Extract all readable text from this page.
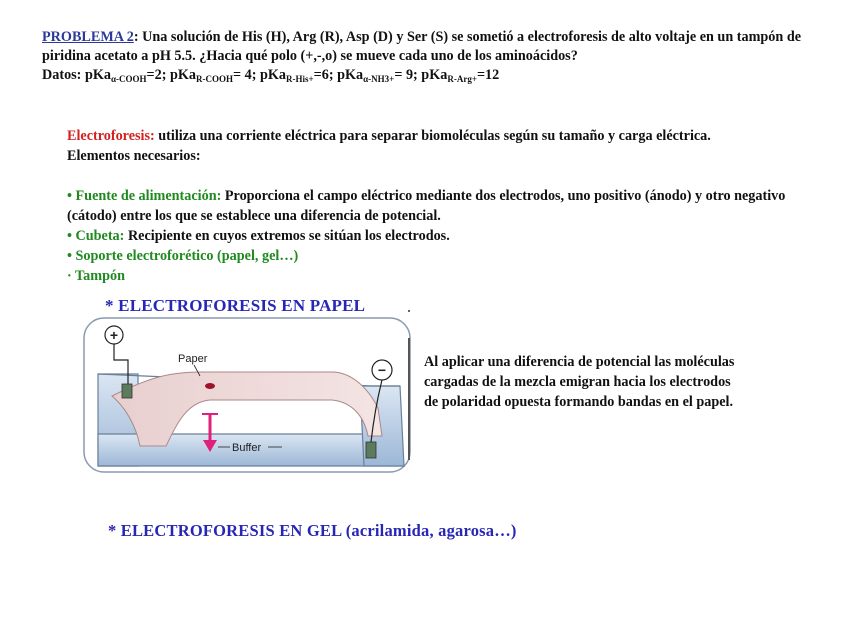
PROBLEMA 2: Una solución de His (H), Arg (R), Asp (D) y Ser (S) se sometió a electroforesis de alto voltaje en un tampón de piridina acetato a pH 5.5. ¿Hacia qué polo (+,-,o) se mueve cada uno de los aminoácidos?
Datos: pKa$_{\alpha-COOH}$=2; pKa$_{R-COOH}$= 4; pKa$_{R-His+}$=6; pKa$_{\alpha-NH3+}$= 9; pKa$_{R-Arg+}$=12
Electroforesis: utiliza una corriente eléctrica para separar biomoléculas según su tamaño y carga eléctrica.Elementos necesarios:
• Fuente de alimentación: Proporciona el campo eléctrico mediante dos electrodos, uno positivo (ánodo) y otro negativo (cátodo) entre los que se establece una diferencia de potencial.
• Cubeta: Recipiente en cuyos extremos se sitúan los electrodos.
• Soporte electroforético (papel, gel…)
· Tampón
* ELECTROFORESIS EN PAPEL
+
−
Paper
Buffer
Al aplicar una diferencia de potencial las moléculas cargadas de la mezcla emigran hacia los electrodos de polaridad opuesta formando bandas en el papel.
* ELECTROFORESIS EN GEL (acrilamida, agarosa…)
